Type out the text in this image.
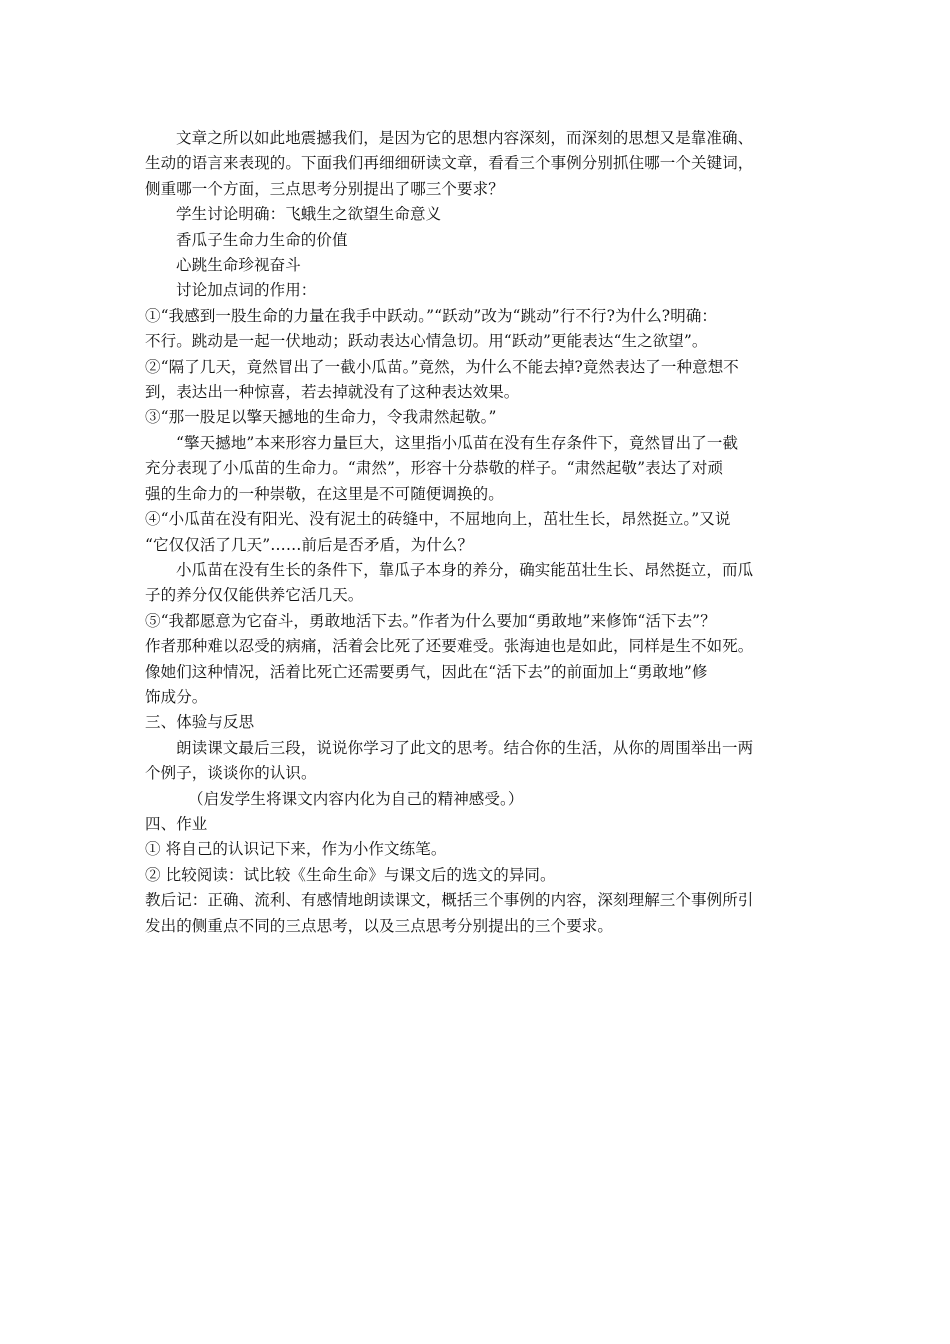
文章之所以如此地震撼我们，是因为它的思想内容深刻，而深刻的思想又是靠准确、

生动的语言来表现的。下面我们再细细研读文章，看看三个事例分别抓住哪一个关键词，

侧重哪一个方面，三点思考分别提出了哪三个要求？

学生讨论明确：飞蛾生之欲望生命意义

香瓜子生命力生命的价值

心跳生命珍视奋斗

讨论加点词的作用：

①“我感到一股生命的力量在我手中跃动。”“跃动”改为“跳动”行不行?为什么?明确：

不行。跳动是一起一伏地动；跃动表达心情急切。用“跃动”更能表达“生之欲望”。

②“隔了几天，竟然冒出了一截小瓜苗。”竟然，为什么不能去掉?竟然表达了一种意想不

到，表达出一种惊喜，若去掉就没有了这种表达效果。

③“那一股足以擎天撼地的生命力，令我肃然起敬。”

“擎天撼地”本来形容力量巨大，这里指小瓜苗在没有生存条件下，竟然冒出了一截

充分表现了小瓜苗的生命力。“肃然”，形容十分恭敬的样子。“肃然起敬”表达了对顽

强的生命力的一种崇敬，在这里是不可随便调换的。

④“小瓜苗在没有阳光、没有泥土的砖缝中，不屈地向上，茁壮生长，昂然挺立。”又说

“它仅仅活了几天”……前后是否矛盾，为什么？

小瓜苗在没有生长的条件下，靠瓜子本身的养分，确实能茁壮生长、昂然挺立，而瓜

子的养分仅仅能供养它活几天。

⑤“我都愿意为它奋斗，勇敢地活下去。”作者为什么要加“勇敢地”来修饰“活下去”？

作者那种难以忍受的病痛，活着会比死了还要难受。张海迪也是如此，同样是生不如死。

像她们这种情况，活着比死亡还需要勇气，因此在“活下去”的前面加上“勇敢地”修

饰成分。

三、体验与反思

朗读课文最后三段，说说你学习了此文的思考。结合你的生活，从你的周围举出一两

个例子，谈谈你的认识。

（启发学生将课文内容内化为自己的精神感受。）

四、作业

① 将自己的认识记下来，作为小作文练笔。

② 比较阅读：试比较《生命生命》与课文后的选文的异同。

教后记：正确、流利、有感情地朗读课文，概括三个事例的内容，深刻理解三个事例所引

发出的侧重点不同的三点思考，以及三点思考分别提出的三个要求。
